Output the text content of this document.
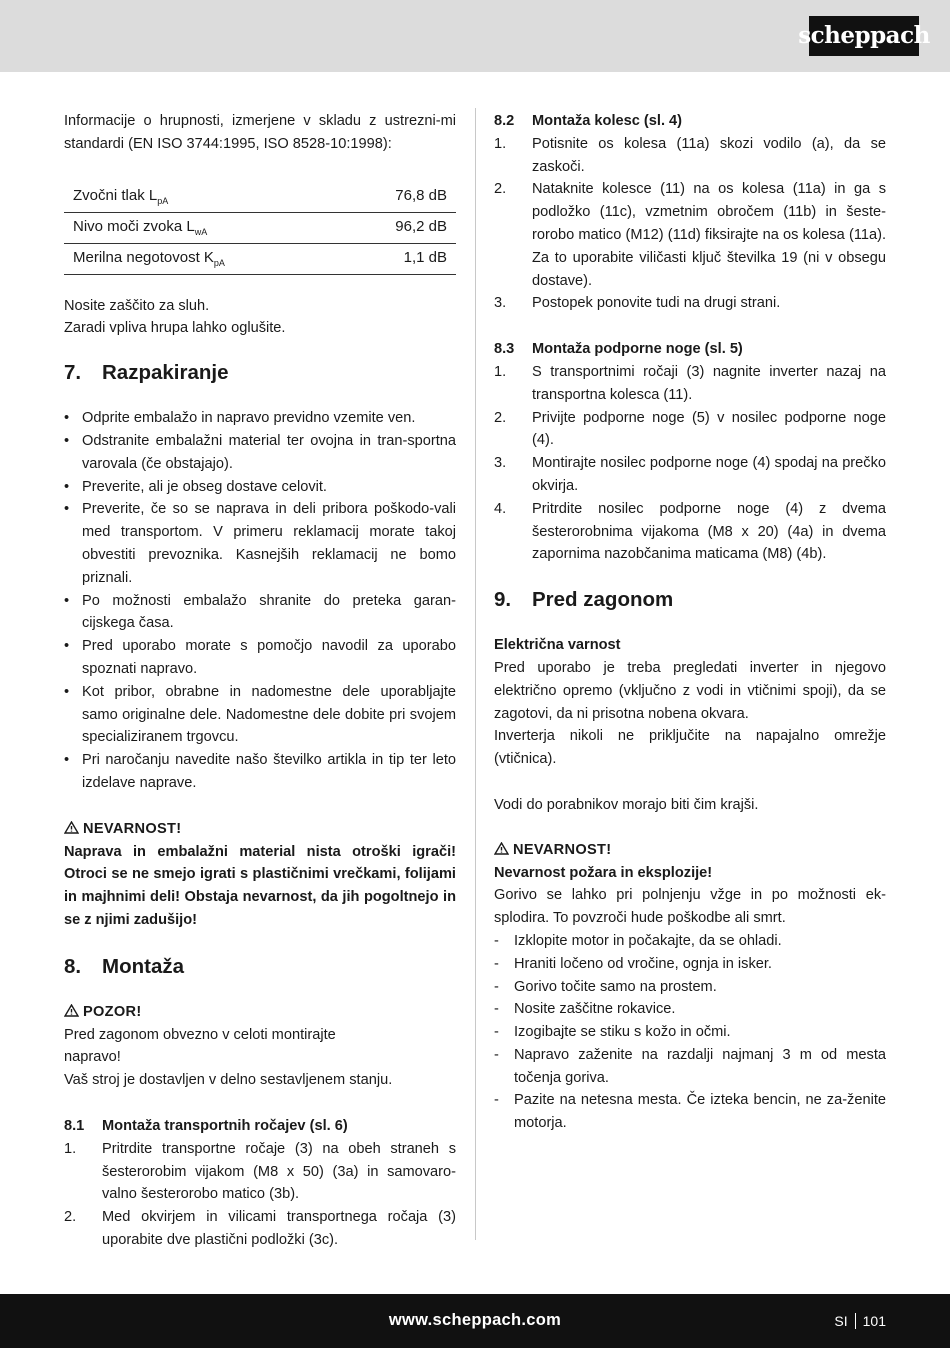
scheppach

Informacije o hrupnosti, izmerjene v skladu z ustrezni-mi standardi (EN ISO 3744:1995, ISO 8528-10:1998):

Zvočni tlak $L_{pA}$	76,8 dB
Nivo moči zvoka $L_{wA}$	96,2 dB
Merilna negotovost $K_{pA}$	1,1 dB

Nosite zaščito za sluh.

Zaradi vpliva hrupa lahko oglušite.

7.	Razpakiranje
• Odprite embalažo in napravo previdno vzemite ven.
• Odstranite embalažni material ter ovojna in tran-sportna varovala (če obstajajo).
• Preverite, ali je obseg dostave celovit.
• Preverite, če so se naprava in deli pribora poškodo-vali med transportom. V primeru reklamacij morate takoj obvestiti prevoznika. Kasnejših reklamacij ne bomo priznali.
• Po možnosti embalažo shranite do preteka garan-cijskega časa.
• Pred uporabo morate s pomočjo navodil za uporabo spoznati napravo.
• Kot pribor, obrabne in nadomestne dele uporabljajte samo originalne dele. Nadomestne dele dobite pri svojem specializiranem trgovcu.
• Pri naročanju navedite našo številko artikla in tip ter leto izdelave naprave.

NEVARNOST!

Naprava in embalažni material nista otroški igrači! Otroci se ne smejo igrati s plastičnimi vrečkami, folijami in majhnimi deli! Obstaja nevarnost, da jih pogoltnejo in se z njimi zadušijo!

8.	Montaža

POZOR!

Pred zagonom obvezno v celoti montirajte

napravo!

Vaš stroj je dostavljen v delno sestavljenem stanju.

8.1	Montaža transportnih ročajev (sl. 6)
1.	Pritrdite transportne ročaje (3) na obeh straneh s šesterorobim vijakom (M8 x 50) (3a) in samovaro-valno šesterorobo matico (3b).
2.	Med okvirjem in vilicami transportnega ročaja (3) uporabite dve plastični podložki (3c).
8.2	Montaža kolesc (sl. 4)
1.	Potisnite os kolesa (11a) skozi vodilo (a), da se zaskoči.
2.	Nataknite kolesce (11) na os kolesa (11a) in ga s podložko (11c), vzmetnim obročem (11b) in šeste-rorobo matico (M12) (11d) fiksirajte na os kolesa (11a). Za to uporabite viličasti ključ številka 19 (ni v obsegu dostave).
3.	Postopek ponovite tudi na drugi strani.
8.3	Montaža podporne noge (sl. 5)
1.	S transportnimi ročaji (3) nagnite inverter nazaj na transportna kolesca (11).
2.	Privijte podporne noge (5) v nosilec podporne noge (4).
3.	Montirajte nosilec podporne noge (4) spodaj na prečko okvirja.
4.	Pritrdite nosilec podporne noge (4) z dvema šesterorobnima vijakoma (M8 x 20) (4a) in dvema zapornima nazobčanima maticama (M8) (4b).
9.	Pred zagonom

Električna varnost

Pred uporabo je treba pregledati inverter in njegovo električno opremo (vključno z vodi in vtičnimi spoji), da se zagotovi, da ni prisotna nobena okvara.

Inverterja nikoli ne priključite na napajalno omrežje (vtičnica).

Vodi do porabnikov morajo biti čim krajši.

NEVARNOST!

Nevarnost požara in eksplozije!

Gorivo se lahko pri polnjenju vžge in po možnosti ek-splodira. To povzroči hude poškodbe ali smrt.

-	Izklopite motor in počakajte, da se ohladi.
-	Hraniti ločeno od vročine, ognja in isker.
-	Gorivo točite samo na prostem.
-	Nosite zaščitne rokavice.
-	Izogibajte se stiku s kožo in očmi.
-	Napravo zaženite na razdalji najmanj 3 m od mesta točenja goriva.
-	Pazite na netesna mesta. Če izteka bencin, ne za-ženite motorja.
www.scheppach.com	SI 101
